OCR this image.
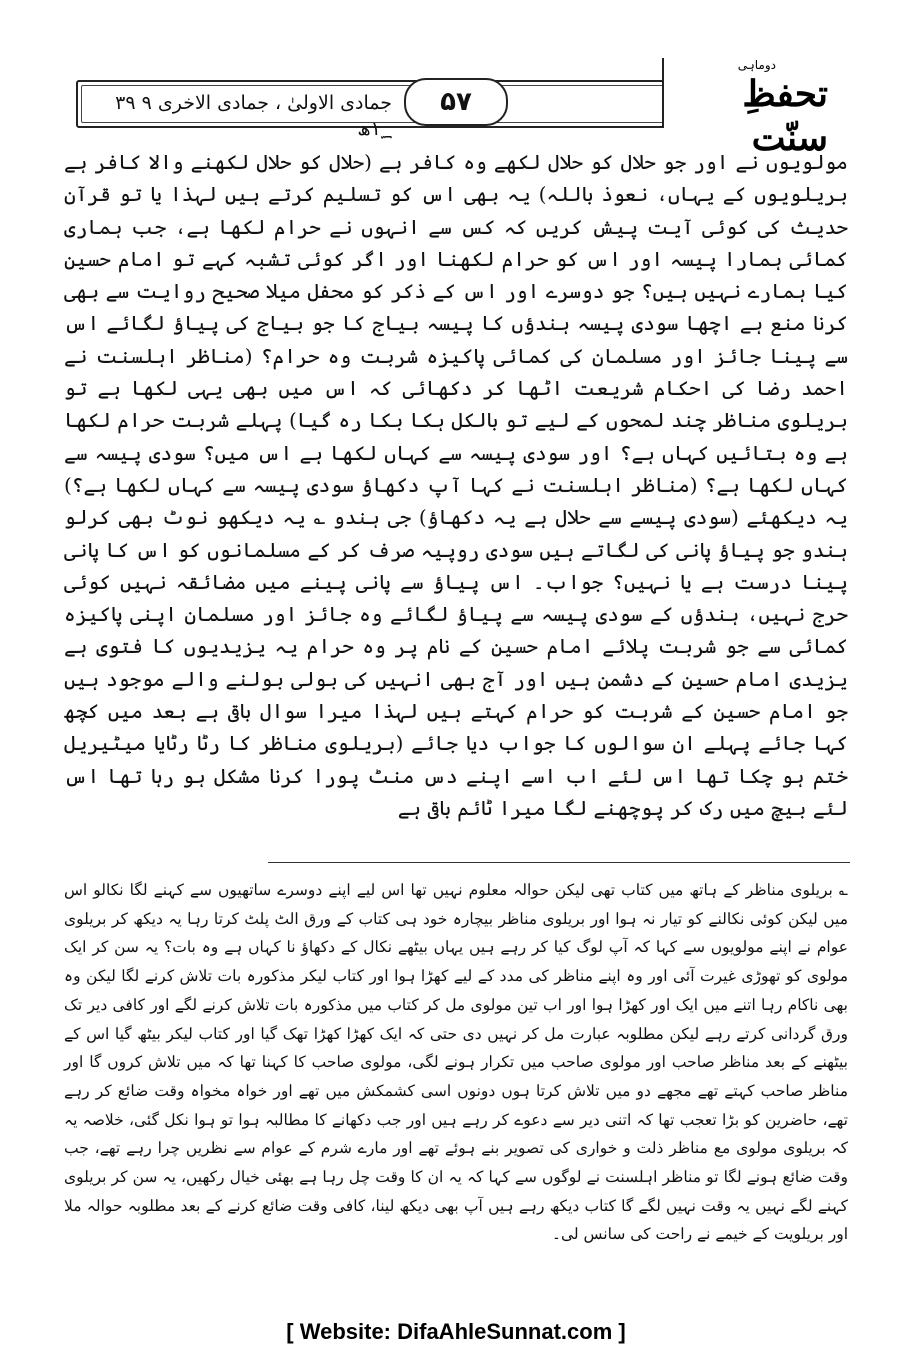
جمادی الاولیٰ ، جمادی الاخری ۹ ۳۹ ۱؁ھ
۵۷
دوماہی
تحفظِ سنّت
مولویوں نے اور جو حلال کو حلال لکھے وہ کافر ہے (حلال کو حلال لکھنے والا کافر ہے بریلویوں کے یہاں، نعوذ باللہ) یہ بھی اس کو تسلیم کرتے ہیں لہذا یا تو قرآن حدیث کی کوئی آیت پیش کریں کہ کس سے انہوں نے حرام لکھا ہے، جب ہماری کمائی ہمارا پیسہ اور اس کو حرام لکھنا اور اگر کوئی تشبہ کہے تو امام حسین کیا ہمارے نہیں ہیں؟ جو دوسرے اور اس کے ذکر کو محفل میلا صحیح روایت سے بھی کرنا منع ہے اچھا سودی پیسہ ہندؤں کا پیسہ بیاج کا جو بیاج کی پیاؤ لگائے اس سے پینا جائز اور مسلمان کی کمائی پاکیزہ شربت وہ حرام؟ (مناظر اہلسنت نے احمد رضا کی احکام شریعت اٹھا کر دکھائی کہ اس میں بھی یہی لکھا ہے تو بریلوی مناظر چند لمحوں کے لیے تو بالکل ہکا بکا رہ گیا) پہلے شربت حرام لکھا ہے وہ بتائیں کہاں ہے؟ اور سودی پیسہ سے کہاں لکھا ہے اس میں؟ سودی پیسہ سے کہاں لکھا ہے؟ (مناظر اہلسنت نے کہا آپ دکھاؤ سودی پیسہ سے کہاں لکھا ہے؟) یہ دیکھئے (سودی پیسے سے حلال ہے یہ دکھاؤ) جی ہندو ؎ یہ دیکھو نوٹ بھی کرلو ہندو جو پیاؤ پانی کی لگاتے ہیں سودی روپیہ صرف کر کے مسلمانوں کو اس کا پانی پینا درست ہے یا نہیں؟ جواب۔ اس پیاؤ سے پانی پینے میں مضائقہ نہیں کوئی حرج نہیں، ہندؤں کے سودی پیسہ سے پیاؤ لگائے وہ جائز اور مسلمان اپنی پاکیزہ کمائی سے جو شربت پلائے امام حسین کے نام پر وہ حرام یہ یزیدیوں کا فتوی ہے یزیدی امام حسین کے دشمن ہیں اور آج بھی انہیں کی بولی بولنے والے موجود ہیں جو امام حسین کے شربت کو حرام کہتے ہیں لہذا میرا سوال باقی ہے بعد میں کچھ کہا جائے پہلے ان سوالوں کا جواب دیا جائے (بریلوی مناظر کا رٹا رٹایا میٹیریل ختم ہو چکا تھا اس لئے اب اسے اپنے دس منٹ پورا کرنا مشکل ہو رہا تھا اس لئے بیچ میں رک کر پوچھنے لگا میرا ٹائم باقی ہے
؎ بریلوی مناظر کے ہاتھ میں کتاب تھی لیکن حوالہ معلوم نہیں تھا اس لیے اپنے دوسرے ساتھیوں سے کہنے لگا نکالو اس میں لیکن کوئی نکالنے کو تیار نہ ہوا اور بریلوی مناظر بیچارہ خود ہی کتاب کے ورق الٹ پلٹ کرتا رہا یہ دیکھ کر بریلوی عوام نے اپنے مولویوں سے کہا کہ آپ لوگ کیا کر رہے ہیں یہاں بیٹھے نکال کے دکھاؤ نا کہاں ہے وہ بات؟ یہ سن کر ایک مولوی کو تھوڑی غیرت آئی اور وہ اپنے مناظر کی مدد کے لیے کھڑا ہوا اور کتاب لیکر مذکورہ بات تلاش کرنے لگا لیکن وہ بھی ناکام رہا اتنے میں ایک اور کھڑا ہوا اور اب تین مولوی مل کر کتاب میں مذکورہ بات تلاش کرنے لگے اور کافی دیر تک ورق گردانی کرتے رہے لیکن مطلوبہ عبارت مل کر نہیں دی حتی کہ ایک کھڑا کھڑا تھک گیا اور کتاب لیکر بیٹھ گیا اس کے بیٹھنے کے بعد مناظر صاحب اور مولوی صاحب میں تکرار ہونے لگی، مولوی صاحب کا کہنا تھا کہ میں تلاش کروں گا اور مناظر صاحب کہتے تھے مجھے دو میں تلاش کرتا ہوں دونوں اسی کشمکش میں تھے اور خواہ مخواہ وقت ضائع کر رہے تھے، حاضرین کو بڑا تعجب تھا کہ اتنی دیر سے دعوے کر رہے ہیں اور جب دکھانے کا مطالبہ ہوا تو ہوا نکل گئی، خلاصہ یہ کہ بریلوی مولوی مع مناظر ذلت و خواری کی تصویر بنے ہوئے تھے اور مارے شرم کے عوام سے نظریں چرا رہے تھے، جب وقت ضائع ہونے لگا تو مناظر اہلسنت نے لوگوں سے کہا کہ یہ ان کا وقت چل رہا ہے بھئی خیال رکھیں، یہ سن کر بریلوی کہنے لگے نہیں یہ وقت نہیں لگے گا کتاب دیکھ رہے ہیں آپ بھی دیکھ لینا، کافی وقت ضائع کرنے کے بعد مطلوبہ حوالہ ملا اور بریلویت کے خیمے نے راحت کی سانس لی۔
[ Website: DifaAhleSunnat.com ]
